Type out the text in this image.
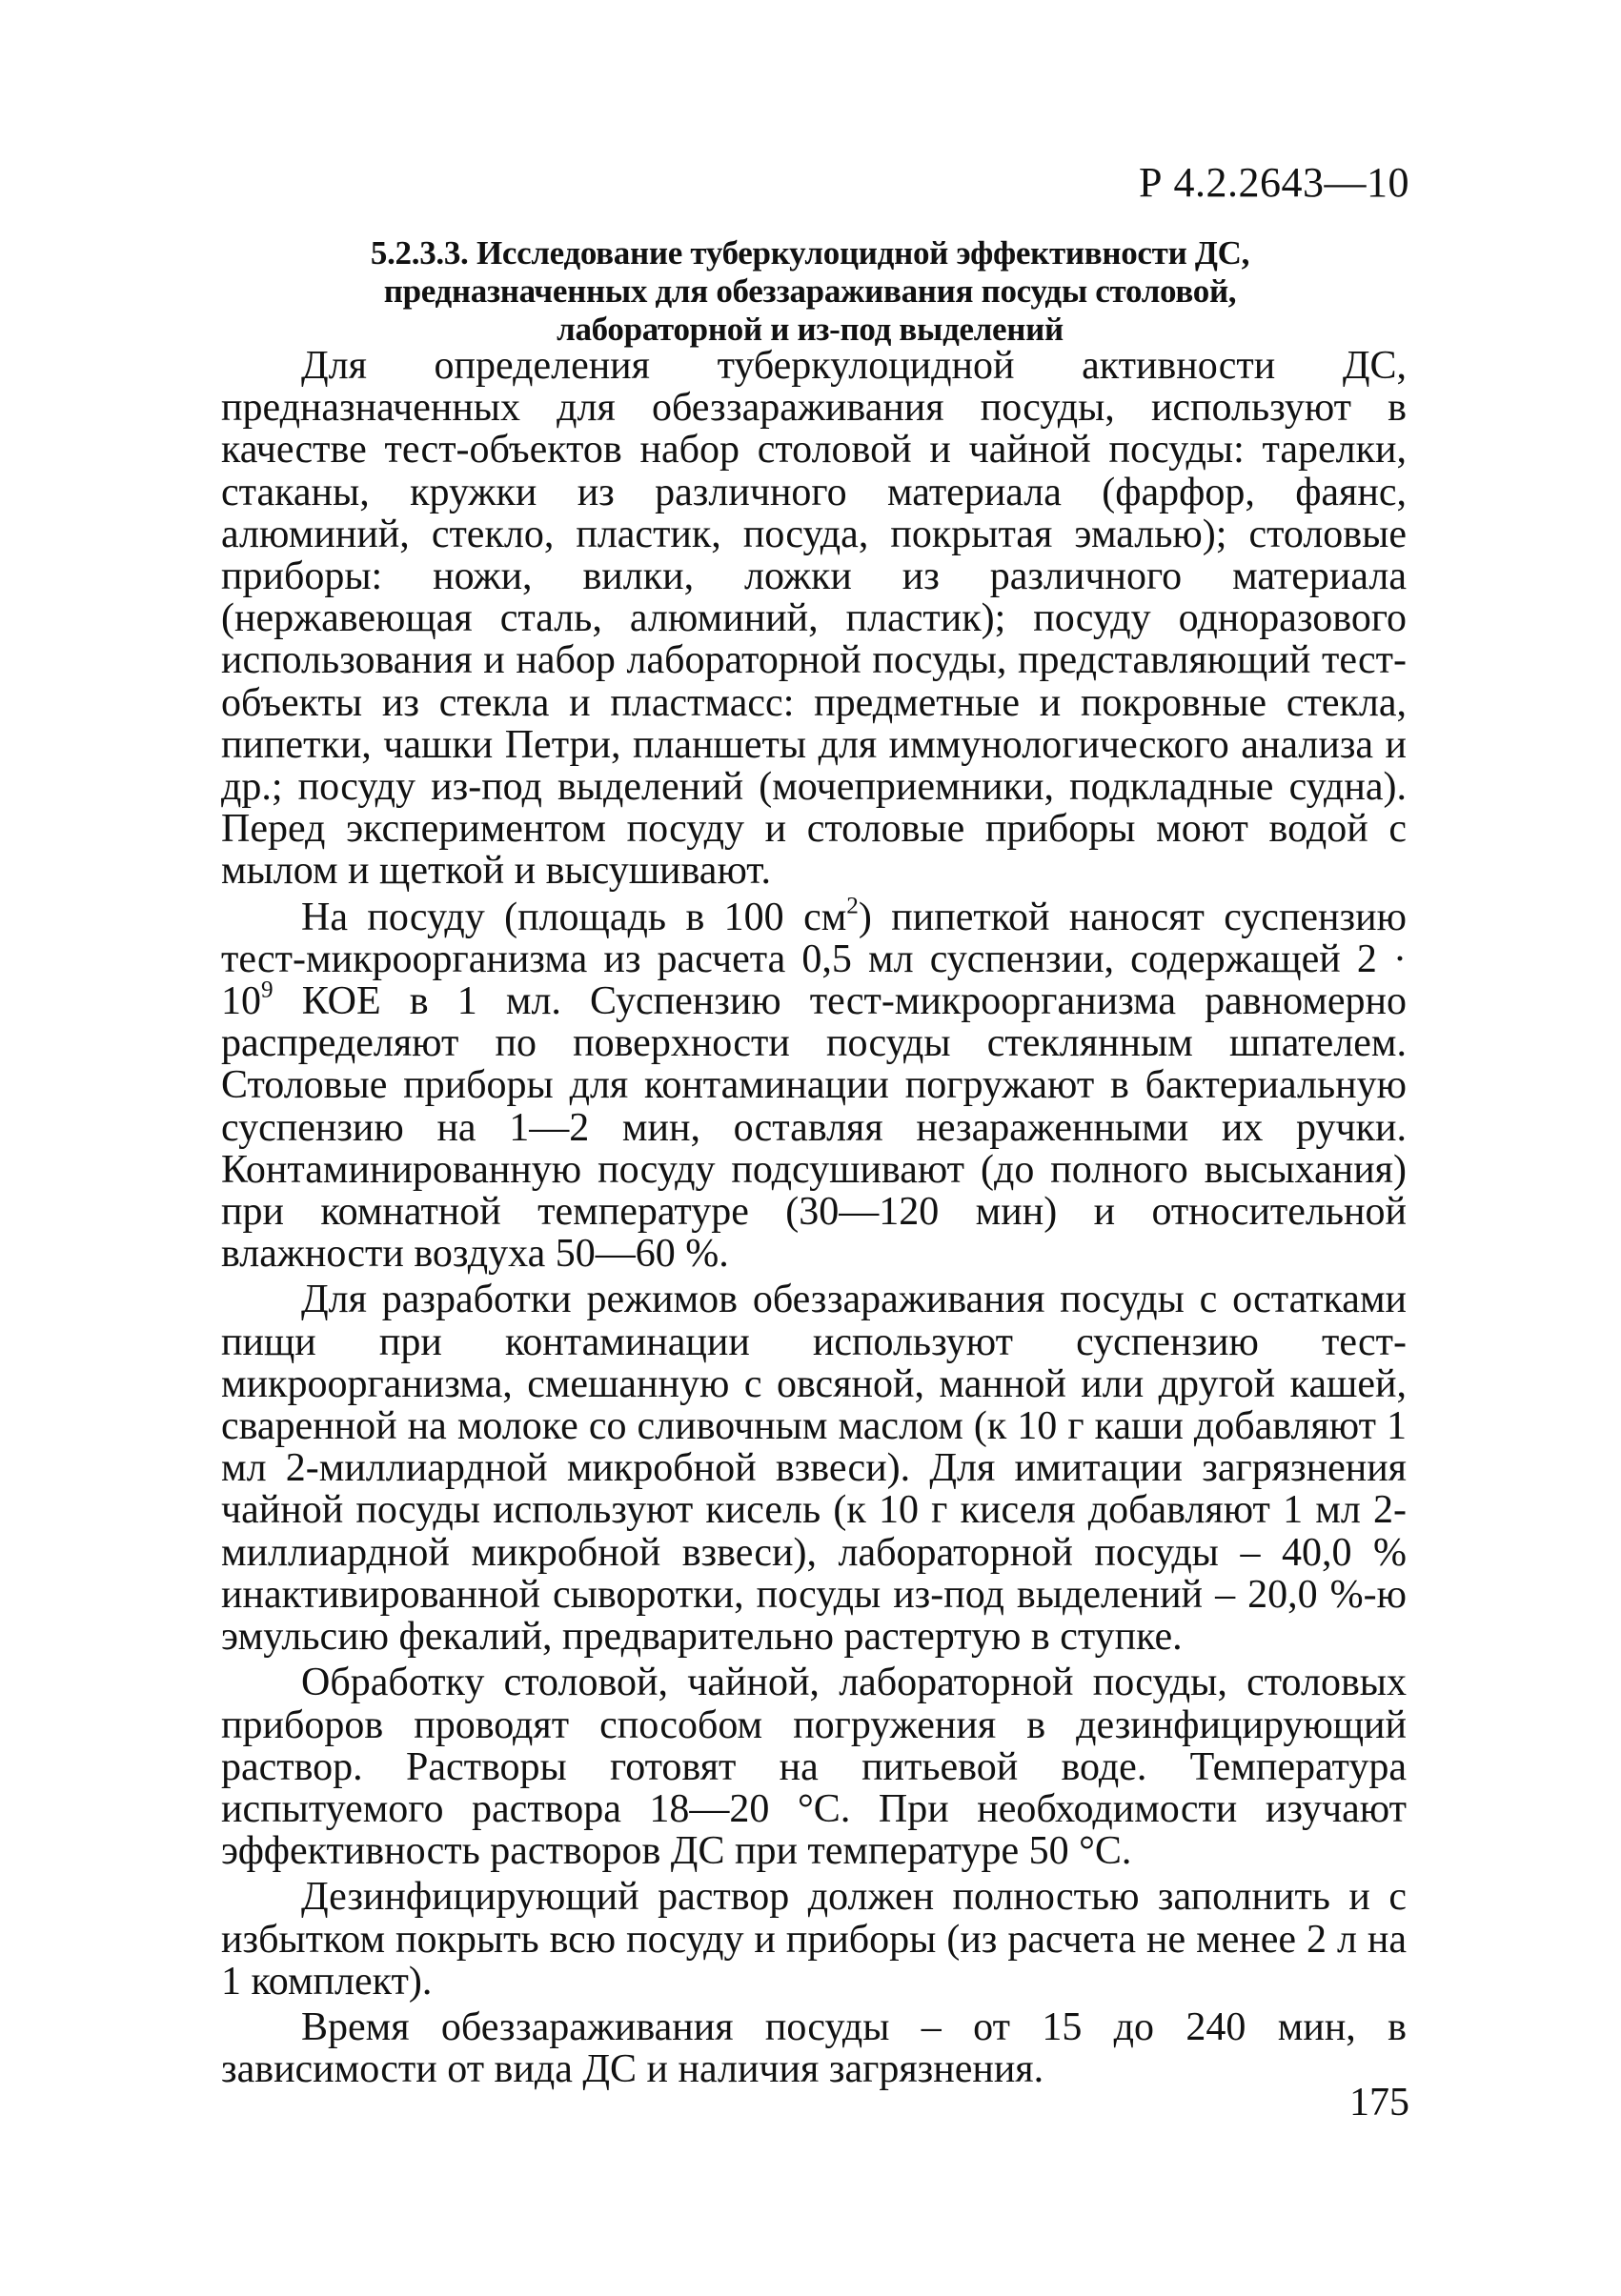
Р 4.2.2643—10
5.2.3.3. Исследование туберкулоцидной эффективности ДС,
предназначенных для обеззараживания посуды столовой,
лабораторной и из-под выделений

Для определения туберкулоцидной активности ДС, предназначенных для обеззараживания посуды, используют в качестве тест-объектов набор столовой и чайной посуды: тарелки, стаканы, кружки из различного материала (фарфор, фаянс, алюминий, стекло, пластик, посуда, покрытая эмалью); столовые приборы: ножи, вилки, ложки из различного материала (нержавеющая сталь, алюминий, пластик); посуду одноразового использования и набор лабораторной посуды, представляющий тест-объекты из стекла и пластмасс: предметные и покровные стекла, пипетки, чашки Петри, планшеты для иммунологического анализа и др.; посуду из-под выделений (мочеприемники, подкладные судна). Перед экспериментом посуду и столовые приборы моют водой с мылом и щеткой и высушивают.

На посуду (площадь в 100 $см^2$) пипеткой наносят суспензию тест-микроорганизма из расчета 0,5 мл суспензии, содержащей $2 \cdot 10^9$ КОЕ в 1 мл. Суспензию тест-микроорганизма равномерно распределяют по поверхности посуды стеклянным шпателем. Столовые приборы для контаминации погружают в бактериальную суспензию на 1—2 мин, оставляя незараженными их ручки. Контаминированную посуду подсушивают (до полного высыхания) при комнатной температуре (30—120 мин) и относительной влажности воздуха 50—60 %.

Для разработки режимов обеззараживания посуды с остатками пищи при контаминации используют суспензию тест-микроорганизма, смешанную с овсяной, манной или другой кашей, сваренной на молоке со сливочным маслом (к 10 г каши добавляют 1 мл 2-миллиардной микробной взвеси). Для имитации загрязнения чайной посуды используют кисель (к 10 г киселя добавляют 1 мл 2-миллиардной микробной взвеси), лабораторной посуды – 40,0 % инактивированной сыворотки, посуды из-под выделений – 20,0 %-ю эмульсию фекалий, предварительно растертую в ступке.

Обработку столовой, чайной, лабораторной посуды, столовых приборов проводят способом погружения в дезинфицирующий раствор. Растворы готовят на питьевой воде. Температура испытуемого раствора 18—20 °С. При необходимости изучают эффективность растворов ДС при температуре 50 °С.

Дезинфицирующий раствор должен полностью заполнить и с избытком покрыть всю посуду и приборы (из расчета не менее 2 л на 1 комплект).

Время обеззараживания посуды – от 15 до 240 мин, в зависимости от вида ДС и наличия загрязнения.

175
